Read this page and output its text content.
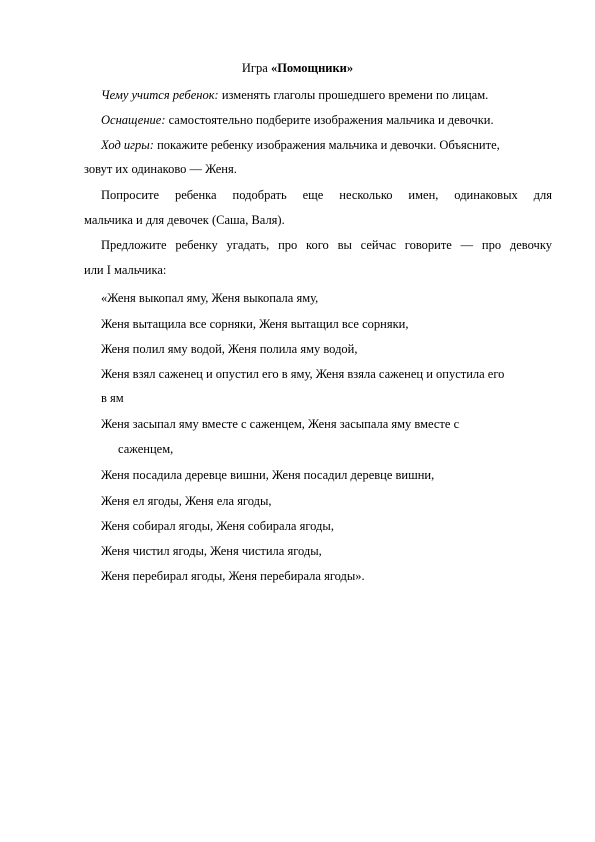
Игра «Помощники»
Чему учится ребенок: изменять глаголы прошедшего времени по лицам.
Оснащение: самостоятельно подберите изображения мальчика и девочки.
Ход игры: покажите ребенку изображения мальчика и девочки. Объясните,
зовут их одинаково — Женя.
Попросите ребенка подобрать еще несколько имен, одинаковых для
мальчика и для девочек (Саша, Валя).
Предложите ребенку угадать, про кого вы сейчас говорите — про девочку
или I мальчика:
«Женя выкопал яму, Женя выкопала яму,
Женя вытащила все сорняки, Женя вытащил все сорняки,
Женя полил яму водой, Женя полила яму водой,
Женя взял саженец и опустил его в яму, Женя взяла саженец и опустила его
в ям
Женя засыпал яму вместе с саженцем, Женя засыпала яму вместе с
саженцем,
Женя посадила деревце вишни, Женя посадил деревце вишни,
Женя ел ягоды, Женя ела ягоды,
Женя собирал ягоды, Женя собирала ягоды,
Женя чистил ягоды, Женя чистила ягоды,
Женя перебирал ягоды, Женя перебирала ягоды».
